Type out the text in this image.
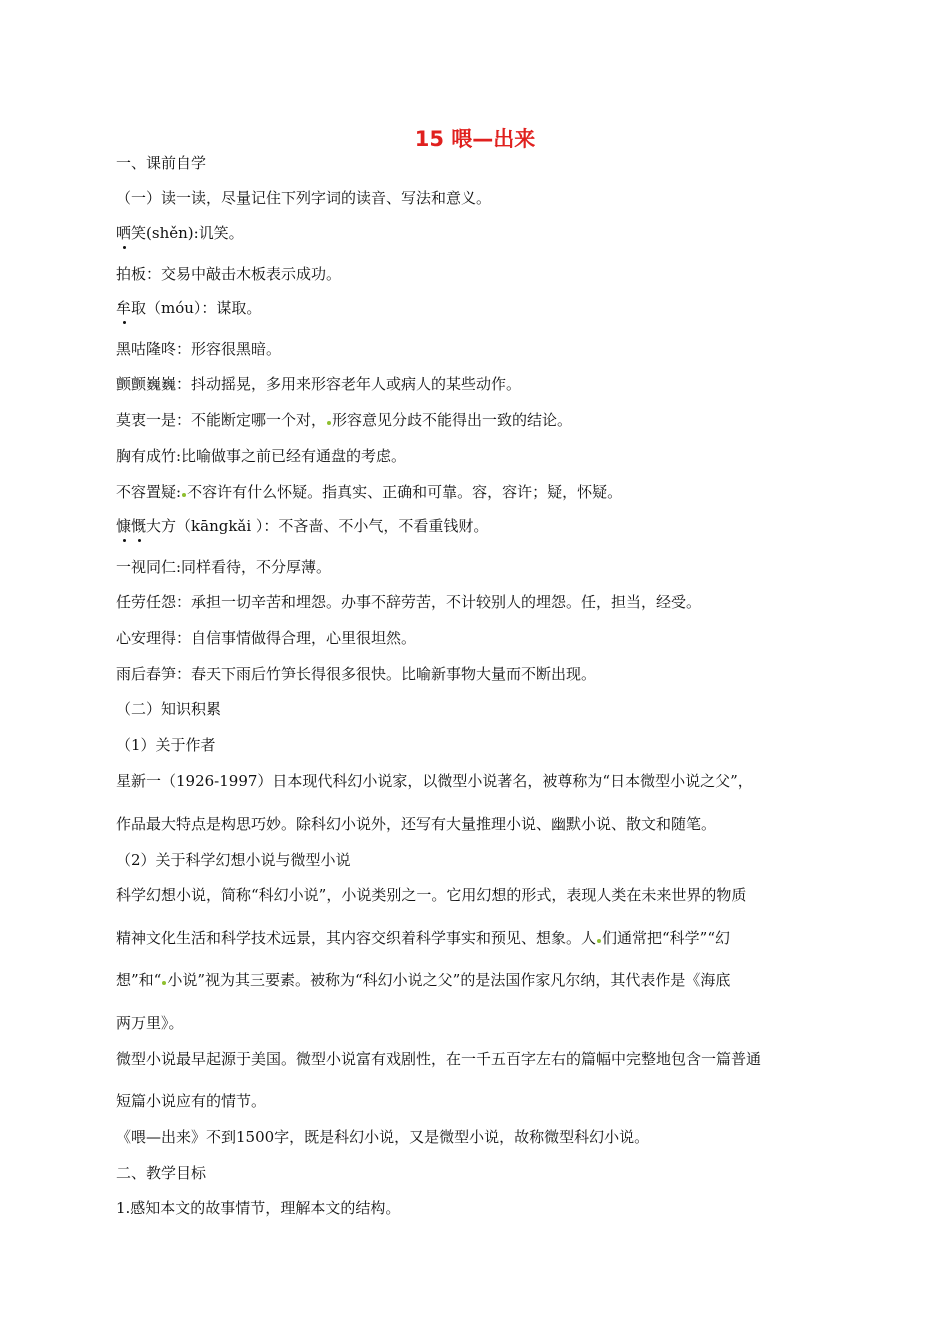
15 喂—出来
一、课前自学
（一）读一读，尽量记住下列字词的读音、写法和意义。
哂笑(shěn):讥笑。
拍板：交易中敲击木板表示成功。
牟取（móu）：谋取。
黑咕隆咚：形容很黑暗。
颤颤巍巍：抖动摇晃，多用来形容老年人或病人的某些动作。
莫衷一是：不能断定哪一个对， 形容意见分歧不能得出一致的结论。
胸有成竹:比喻做事之前已经有通盘的考虑。
不容置疑: 不容许有什么怀疑。指真实、正确和可靠。容，容许；疑，怀疑。
慷慨大方（kāngkǎi ）：不吝啬、不小气，不看重钱财。
一视同仁:同样看待，不分厚薄。
任劳任怨：承担一切辛苦和埋怨。办事不辞劳苦，不计较别人的埋怨。任，担当，经受。
心安理得：自信事情做得合理，心里很坦然。
雨后春笋：春天下雨后竹笋长得很多很快。比喻新事物大量而不断出现。
（二）知识积累
（1）关于作者
星新一（1926-1997）日本现代科幻小说家，以微型小说著名，被尊称为“日本微型小说之父”，
作品最大特点是构思巧妙。除科幻小说外，还写有大量推理小说、幽默小说、散文和随笔。
（2）关于科学幻想小说与微型小说
科学幻想小说，简称“科幻小说”，小说类别之一。它用幻想的形式，表现人类在未来世界的物质
精神文化生活和科学技术远景，其内容交织着科学事实和预见、想象。人 们通常把“科学”“幻
想”和“ 小说”视为其三要素。被称为“科幻小说之父”的是法国作家凡尔纳，其代表作是《海底
两万里》。
微型小说最早起源于美国。微型小说富有戏剧性，在一千五百字左右的篇幅中完整地包含一篇普通
短篇小说应有的情节。
《喂—出来》不到1500字，既是科幻小说，又是微型小说，故称微型科幻小说。
二、教学目标
1.感知本文的故事情节，理解本文的结构。
